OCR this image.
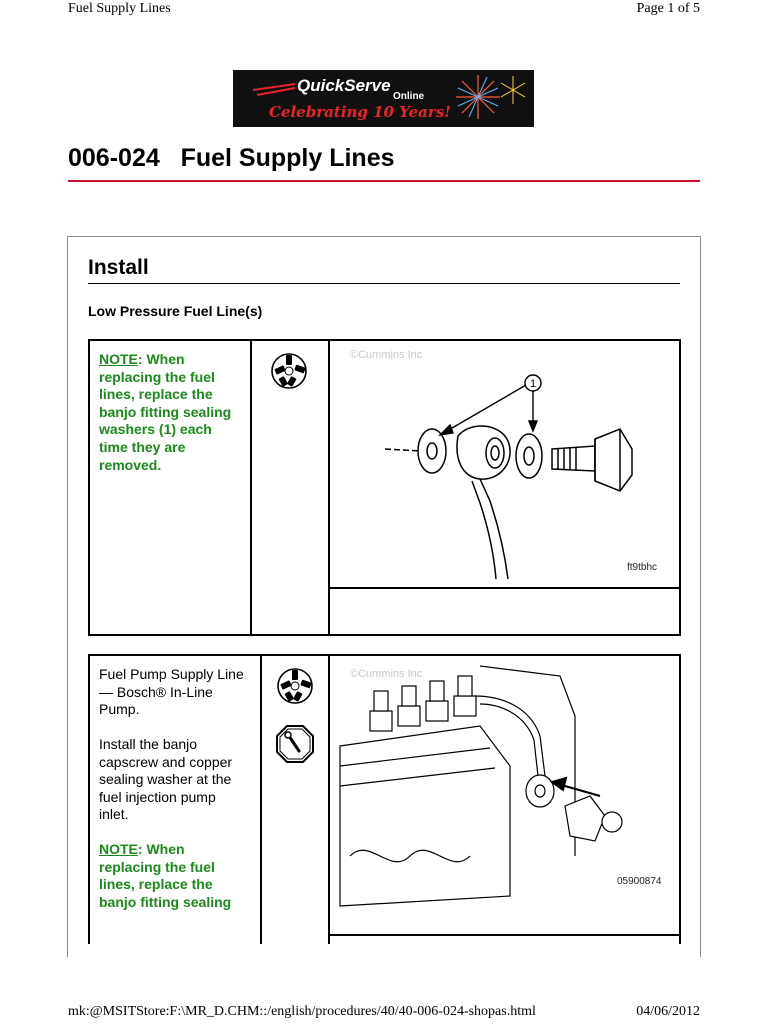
Fuel Supply Lines	Page 1 of 5
QuickServe
Online
Celebrating 10 Years!
006-024   Fuel Supply Lines
Install
Low Pressure Fuel Line(s)
NOTE: When replacing the fuel lines, replace the banjo fitting sealing washers (1) each time they are removed.
©Cummins Inc
1
ft9tbhc
Fuel Pump Supply Line — Bosch® In-Line Pump.
Install the banjo capscrew and copper sealing washer at the fuel injection pump inlet.
NOTE: When replacing the fuel lines, replace the banjo fitting sealing
©Cummins Inc
05900874
mk:@MSITStore:F:\MR_D.CHM::/english/procedures/40/40-006-024-shopas.html	04/06/2012
